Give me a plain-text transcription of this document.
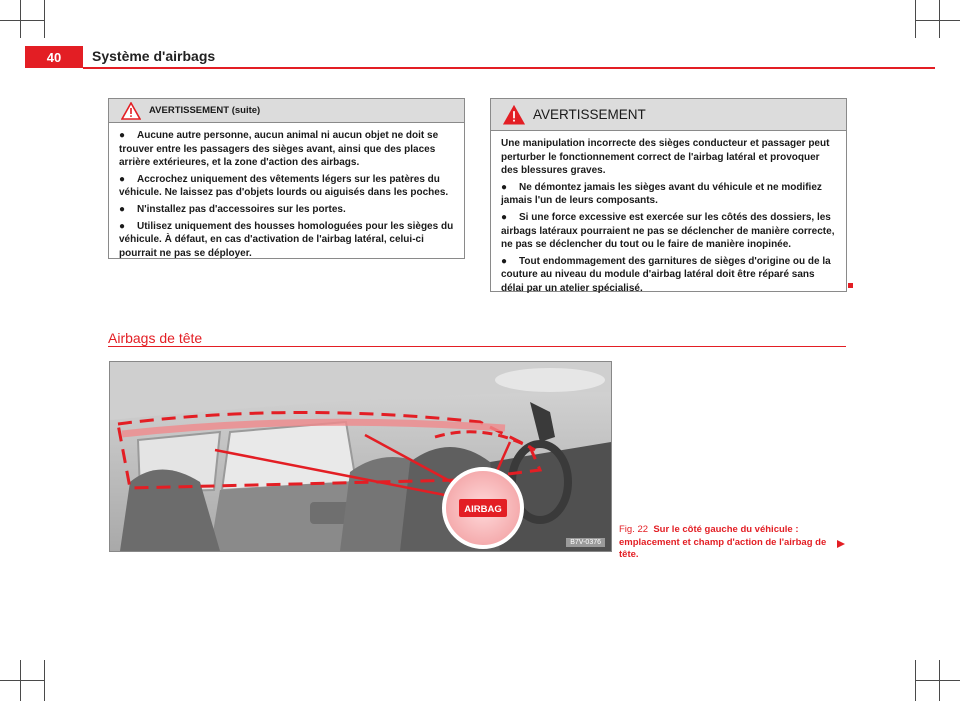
40	Système d'airbags
AVERTISSEMENT (suite)

● Aucune autre personne, aucun animal ni aucun objet ne doit se trouver entre les passagers des sièges avant, ainsi que des places arrière extérieures, et la zone d'action des airbags.

● Accrochez uniquement des vêtements légers sur les patères du véhicule. Ne laissez pas d'objets lourds ou aiguisés dans les poches.

● N'installez pas d'accessoires sur les portes.

● Utilisez uniquement des housses homologuées pour les sièges du véhicule. À défaut, en cas d'activation de l'airbag latéral, celui-ci pourrait ne pas se déployer.

AVERTISSEMENT

Une manipulation incorrecte des sièges conducteur et passager peut perturber le fonctionnement correct de l'airbag latéral et provoquer des blessures graves.

● Ne démontez jamais les sièges avant du véhicule et ne modifiez jamais l'un de leurs composants.

● Si une force excessive est exercée sur les côtés des dossiers, les airbags latéraux pourraient ne pas se déclencher de manière correcte, ne pas se déclencher du tout ou le faire de manière inopinée.

● Tout endommagement des garnitures de sièges d'origine ou de la couture au niveau du module d'airbag latéral doit être réparé sans délai par un atelier spécialisé.

Airbags de tête
AIRBAG
B7V-0376
Fig. 22 Sur le côté gauche du véhicule : emplacement et champ d'action de l'airbag de tête.
